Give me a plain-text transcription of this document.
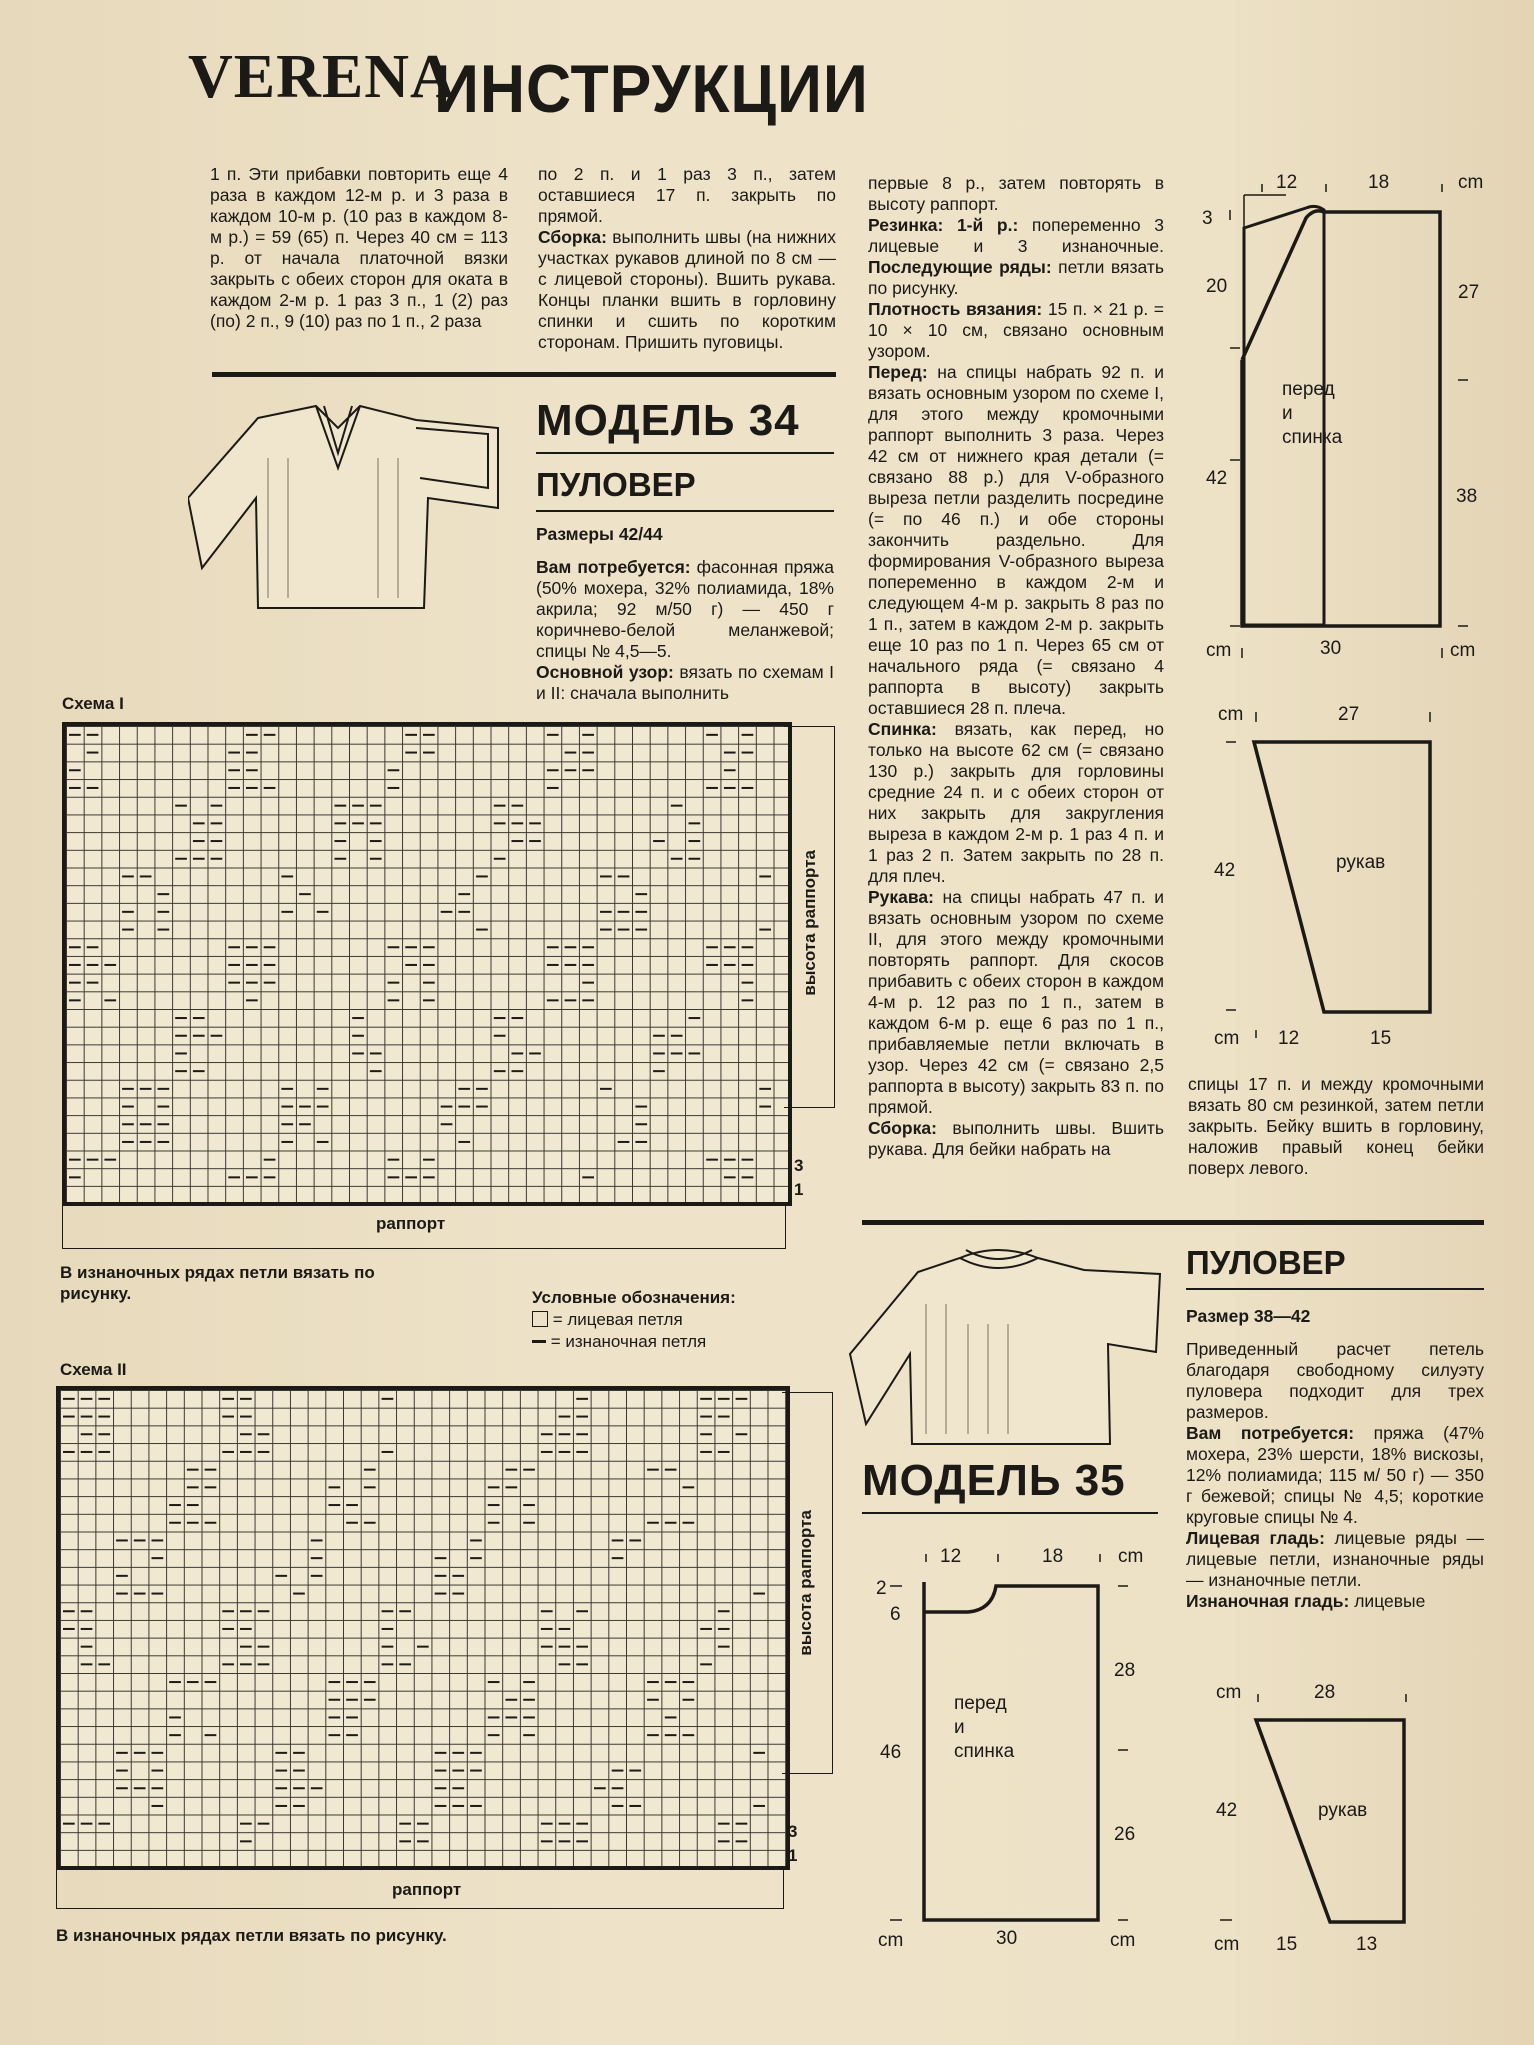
VERENA
ИНСТРУКЦИИ
1 п. Эти прибавки повторить еще 4 раза в каждом 12-м р. и 3 раза в каждом 10-м р. (10 раз в каждом 8-м р.) = 59 (65) п. Через 40 см = 113 р. от начала платочной вязки закрыть с обеих сторон для оката в каждом 2-м р. 1 раз 3 п., 1 (2) раз (по) 2 п., 9 (10) раз по 1 п., 2 раза
по 2 п. и 1 раз 3 п., затем оставшиеся 17 п. закрыть по прямой.
Сборка: выполнить швы (на нижних участках рукавов длиной по 8 см — с лицевой стороны). Вшить рукава. Концы планки вшить в горловину спинки и сшить по коротким сторонам. Пришить пуговицы.
МОДЕЛЬ 34
ПУЛОВЕР
Размеры 42/44

Вам потребуется: фасонная пряжа (50% мохера, 32% полиамида, 18% акрила; 92 м/50 г) — 450 г коричнево-белой меланжевой; спицы № 4,5—5.
Основной узор: вязать по схемам I и II: сначала выполнить
первые 8 р., затем повторять в высоту раппорт.
Резинка: 1-й р.: попеременно 3 лицевые и 3 изнаночные. Последующие ряды: петли вязать по рисунку.
Плотность вязания: 15 п. × 21 р. = 10 × 10 см, связано основным узором.
Перед: на спицы набрать 92 п. и вязать основным узором по схеме I, для этого между кромочными раппорт выполнить 3 раза. Через 42 см от нижнего края детали (= связано 88 р.) для V-образного выреза петли разделить посредине (= по 46 п.) и обе стороны закончить раздельно. Для формирования V-образного выреза попеременно в каждом 2-м и следующем 4-м р. закрыть 8 раз по 1 п., затем в каждом 2-м р. закрыть еще 10 раз по 1 п. Через 65 см от начального ряда (= связано 4 раппорта в высоту) закрыть оставшиеся 28 п. плеча.
Спинка: вязать, как перед, но только на высоте 62 см (= связано 130 р.) закрыть для горловины средние 24 п. и с обеих сторон от них закрыть для закругления выреза в каждом 2-м р. 1 раз 4 п. и 1 раз 2 п. Затем закрыть по 28 п. для плеч.
Рукава: на спицы набрать 47 п. и вязать основным узором по схеме II, для этого между кромочными повторять раппорт. Для скосов прибавить с обеих сторон в каждом 4-м р. 12 раз по 1 п., затем в каждом 6-м р. еще 6 раз по 1 п., прибавляемые петли включать в узор. Через 42 см (= связано 2,5 раппорта в высоту) закрыть 83 п. по прямой.
Сборка: выполнить швы. Вшить рукава. Для бейки набрать на
Схема I
высота раппорта
3
1
раппорт
В изнаночных рядах петли вязать по рисунку.	Условные обозначения:
= лицевая петля
= изнаночная петля
Схема II
высота раппорта
3
1
раппорт
В изнаночных рядах петли вязать по рисунку.
12	18	cm
3
20
42
27
38
cm	30	cm
перед
и
спинка
cm	27
42	рукав
cm 12	15
спицы 17 п. и между кромочными вязать 80 см резинкой, затем петли закрыть. Бейку вшить в горловину, наложив правый конец бейки поверх левого.
ПУЛОВЕР
Размер 38—42

Приведенный расчет петель благодаря свободному силуэту пуловера подходит для трех размеров.
Вам потребуется: пряжа (47% мохера, 23% шерсти, 18% вискозы, 12% полиамида; 115 м/ 50 г) — 350 г бежевой; спицы № 4,5; короткие круговые спицы № 4.
Лицевая гладь: лицевые ряды — лицевые петли, изнаночные ряды — изнаночные петли.
Изнаночная гладь: лицевые
МОДЕЛЬ 35
12	18	cm
2
6
46
28
26
cm	30	cm
перед
и
спинка
cm	28
42	рукав
cm 15	13
